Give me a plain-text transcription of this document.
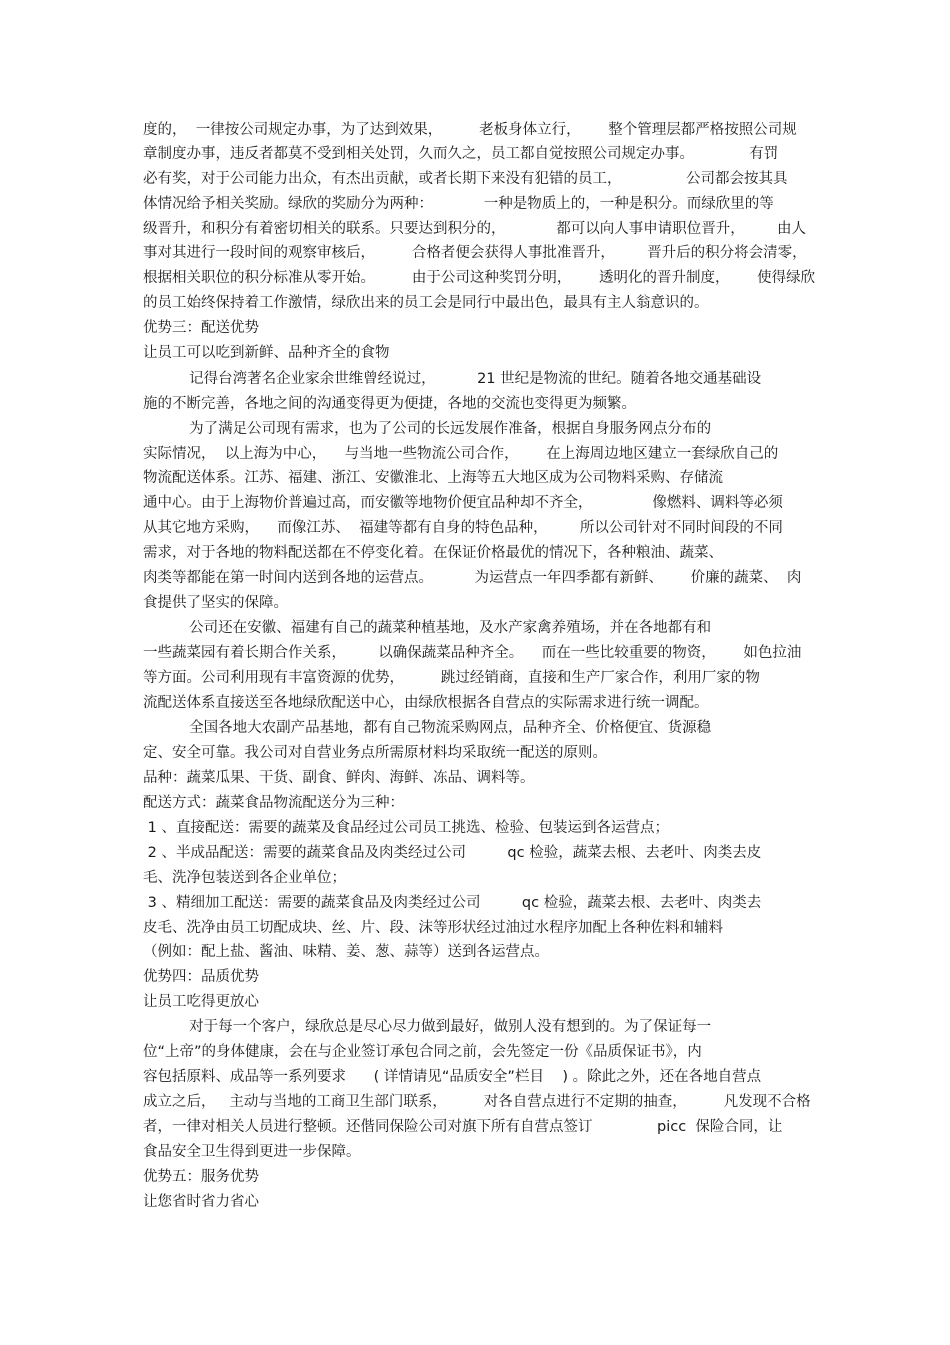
度的，  一律按公司规定办事，为了达到效果，        老板身体立行，      整个管理层都严格按照公司规
章制度办事，违反者都莫不受到相关处罚，久而久之，员工都自觉按照公司规定办事。            有罚
必有奖，对于公司能力出众，有杰出贡献，或者长期下来没有犯错的员工，              公司都会按其具
体情况给予相关奖励。绿欣的奖励分为两种：           一种是物质上的，一种是积分。而绿欣里的等
级晋升，和积分有着密切相关的联系。只要达到积分的，           都可以向人事申请职位晋升，       由人
事对其进行一段时间的观察审核后，        合格者便会获得人事批准晋升，       晋升后的积分将会清零，
根据相关职位的积分标准从零开始。        由于公司这种奖罚分明，      透明化的晋升制度，      使得绿欣
的员工始终保持着工作激情，绿欣出来的员工会是同行中最出色，最具有主人翁意识的。
优势三：配送优势
让员工可以吃到新鲜、品种齐全的食物
记得台湾著名企业家余世维曾经说过，         21 世纪是物流的世纪。随着各地交通基础设
施的不断完善，各地之间的沟通变得更为便捷，各地的交流也变得更为频繁。
为了满足公司现有需求，也为了公司的长远发展作准备，根据自身服务网点分布的
实际情况，  以上海为中心，    与当地一些物流公司合作，      在上海周边地区建立一套绿欣自己的
物流配送体系。江苏、福建、浙江、安徽淮北、上海等五大地区成为公司物料采购、存储流
通中心。由于上海物价普遍过高，而安徽等地物价便宜品种却不齐全，             像燃料、调料等必须
从其它地方采购，    而像江苏、  福建等都有自身的特色品种，       所以公司针对不同时间段的不同
需求，对于各地的物料配送都在不停变化着。在保证价格最优的情况下，各种粮油、蔬菜、
肉类等都能在第一时间内送到各地的运营点。         为运营点一年四季都有新鲜、      价廉的蔬菜、  肉
食提供了坚实的保障。
公司还在安徽、福建有自己的蔬菜种植基地，及水产家禽养殖场，并在各地都有和
一些蔬菜园有着长期合作关系，       以确保蔬菜品种齐全。    而在一些比较重要的物资，      如色拉油
等方面。公司利用现有丰富资源的优势，        跳过经销商，直接和生产厂家合作，利用厂家的物
流配送体系直接送至各地绿欣配送中心，由绿欣根据各自营点的实际需求进行统一调配。
全国各地大农副产品基地，都有自己物流采购网点，品种齐全、价格便宜、货源稳
定、安全可靠。我公司对自营业务点所需原材料均采取统一配送的原则。
品种：蔬菜瓜果、干货、副食、鲜肉、海鲜、冻品、调料等。
配送方式：蔬菜食品物流配送分为三种：
1 、直接配送：需要的蔬菜及食品经过公司员工挑选、检验、包装运到各运营点；
2 、半成品配送：需要的蔬菜食品及肉类经过公司         qc 检验，蔬菜去根、去老叶、肉类去皮
毛、洗净包装送到各企业单位；
3 、精细加工配送：需要的蔬菜食品及肉类经过公司         qc 检验，蔬菜去根、去老叶、肉类去
皮毛、洗净由员工切配成块、丝、片、段、沫等形状经过油过水程序加配上各种佐料和辅料
（例如：配上盐、酱油、味精、姜、葱、蒜等）送到各运营点。
优势四：品质优势
让员工吃得更放心
对于每一个客户，绿欣总是尽心尽力做到最好，做别人没有想到的。为了保证每一
位“上帝”的身体健康，会在与企业签订承包合同之前，会先签定一份《品质保证书》，内
容包括原料、成品等一系列要求      ( 详情请见“品质安全”栏目    ) 。除此之外，还在各地自营点
成立之后，   主动与当地的工商卫生部门联系，        对各自营点进行不定期的抽查，        凡发现不合格
者，一律对相关人员进行整顿。还偕同保险公司对旗下所有自营点签订              picc  保险合同，让
食品安全卫生得到更进一步保障。
优势五：服务优势
让您省时省力省心
